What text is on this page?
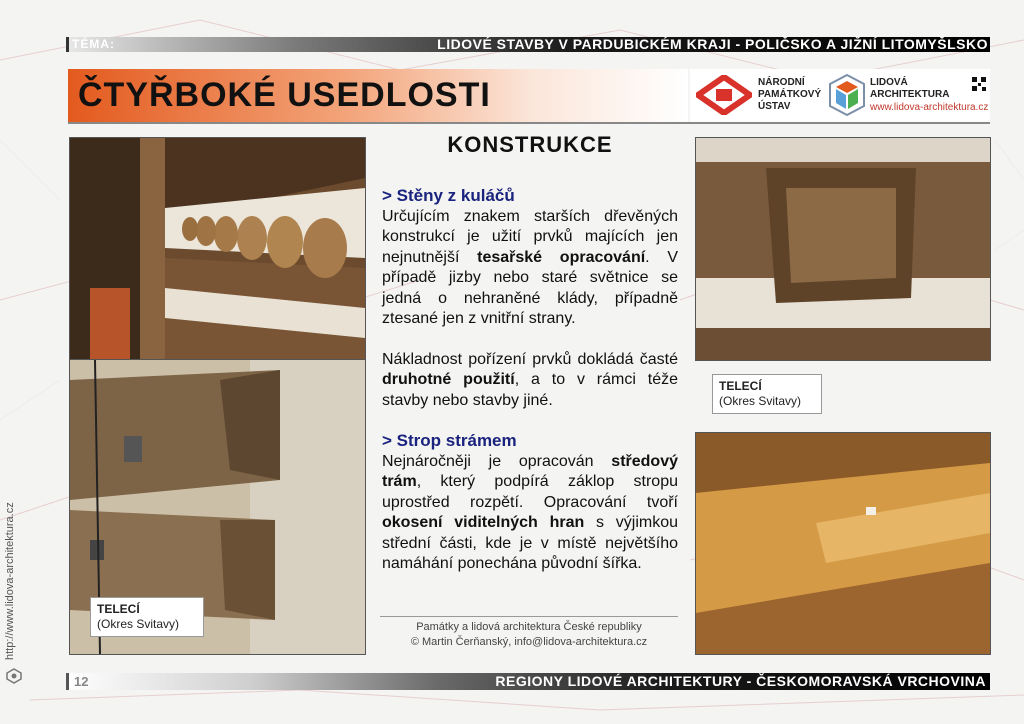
TÉMA:	LIDOVÉ STAVBY V PARDUBICKÉM KRAJI - POLIČSKO A JIŽNÍ LITOMYŠLSKO
ČTYŘBOKÉ USEDLOSTI	NÁRODNÍ
PAMÁTKOVÝ
ÚSTAV
LIDOVÁ
ARCHITEKTURA
www.lidova-architektura.cz
TELECÍ
(Okres Svitavy)
KONSTRUKCE
> Stěny z kuláčů

Určujícím znakem starších dřevěných konstrukcí je užití prvků majících jen nejnutnější tesařské opracování. V případě jizby nebo staré světnice se jedná o nehraněné klády, případně ztesané jen z vnitřní strany.

Nákladnost pořízení prvků dokládá časté druhotné použití, a to v rámci téže stavby nebo stavby jiné.

> Strop strámem

Nejnáročněji je opracován středový trám, který podpírá záklop stropu uprostřed rozpětí. Opracování tvoří okosení viditelných hran s výjimkou střední části, kde je v místě největšího namáhání ponechána původní šířka.

Památky a lidová architektura České republiky
© Martin Čerňanský, info@lidova-architektura.cz
TELECÍ
(Okres Svitavy)
12	REGIONY LIDOVÉ ARCHITEKTURY - ČESKOMORAVSKÁ VRCHOVINA
http://www.lidova-architektura.cz
